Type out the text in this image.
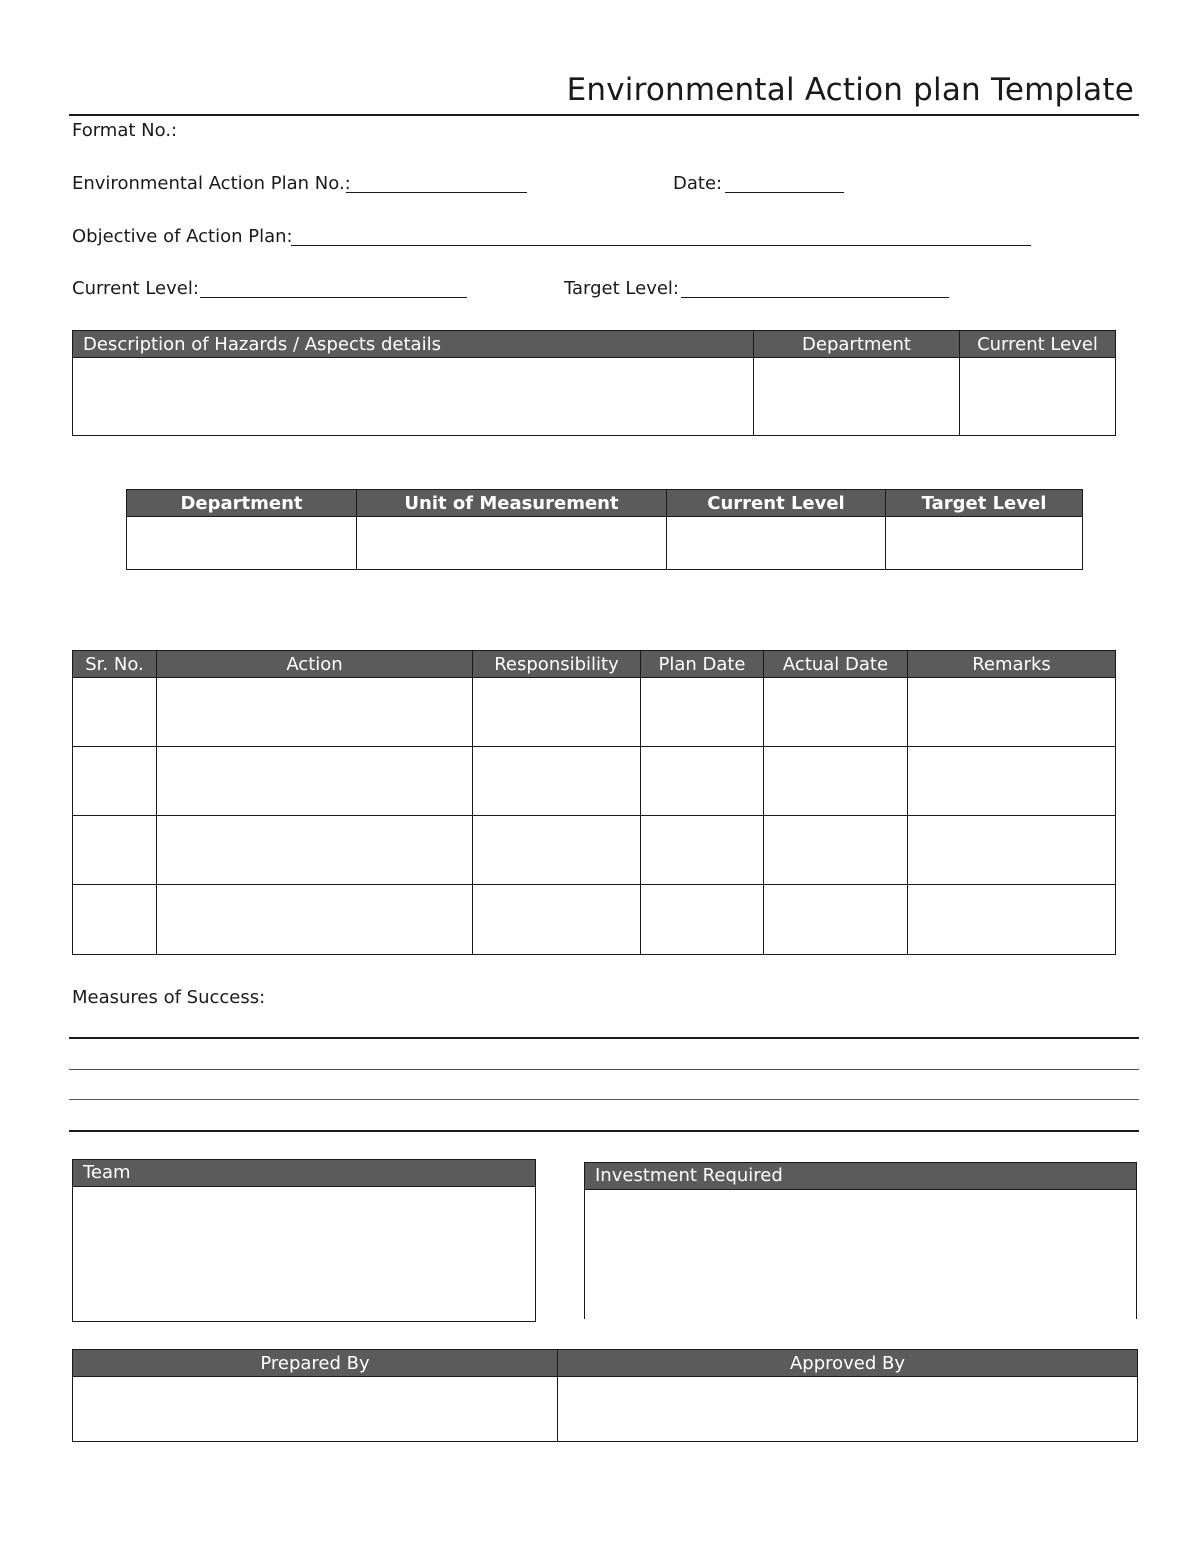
Environmental Action plan Template
Format No.:
Environmental Action Plan No.:	Date:
Objective of Action Plan:
Current Level:	Target Level:
Description of Hazards / Aspects details	Department	Current Level

Department	Unit of Measurement	Current Level	Target Level

Sr. No.	Action	Responsibility	Plan Date	Actual Date	Remarks

Measures of Success:
Team	Investment Required
Prepared By	Approved By
